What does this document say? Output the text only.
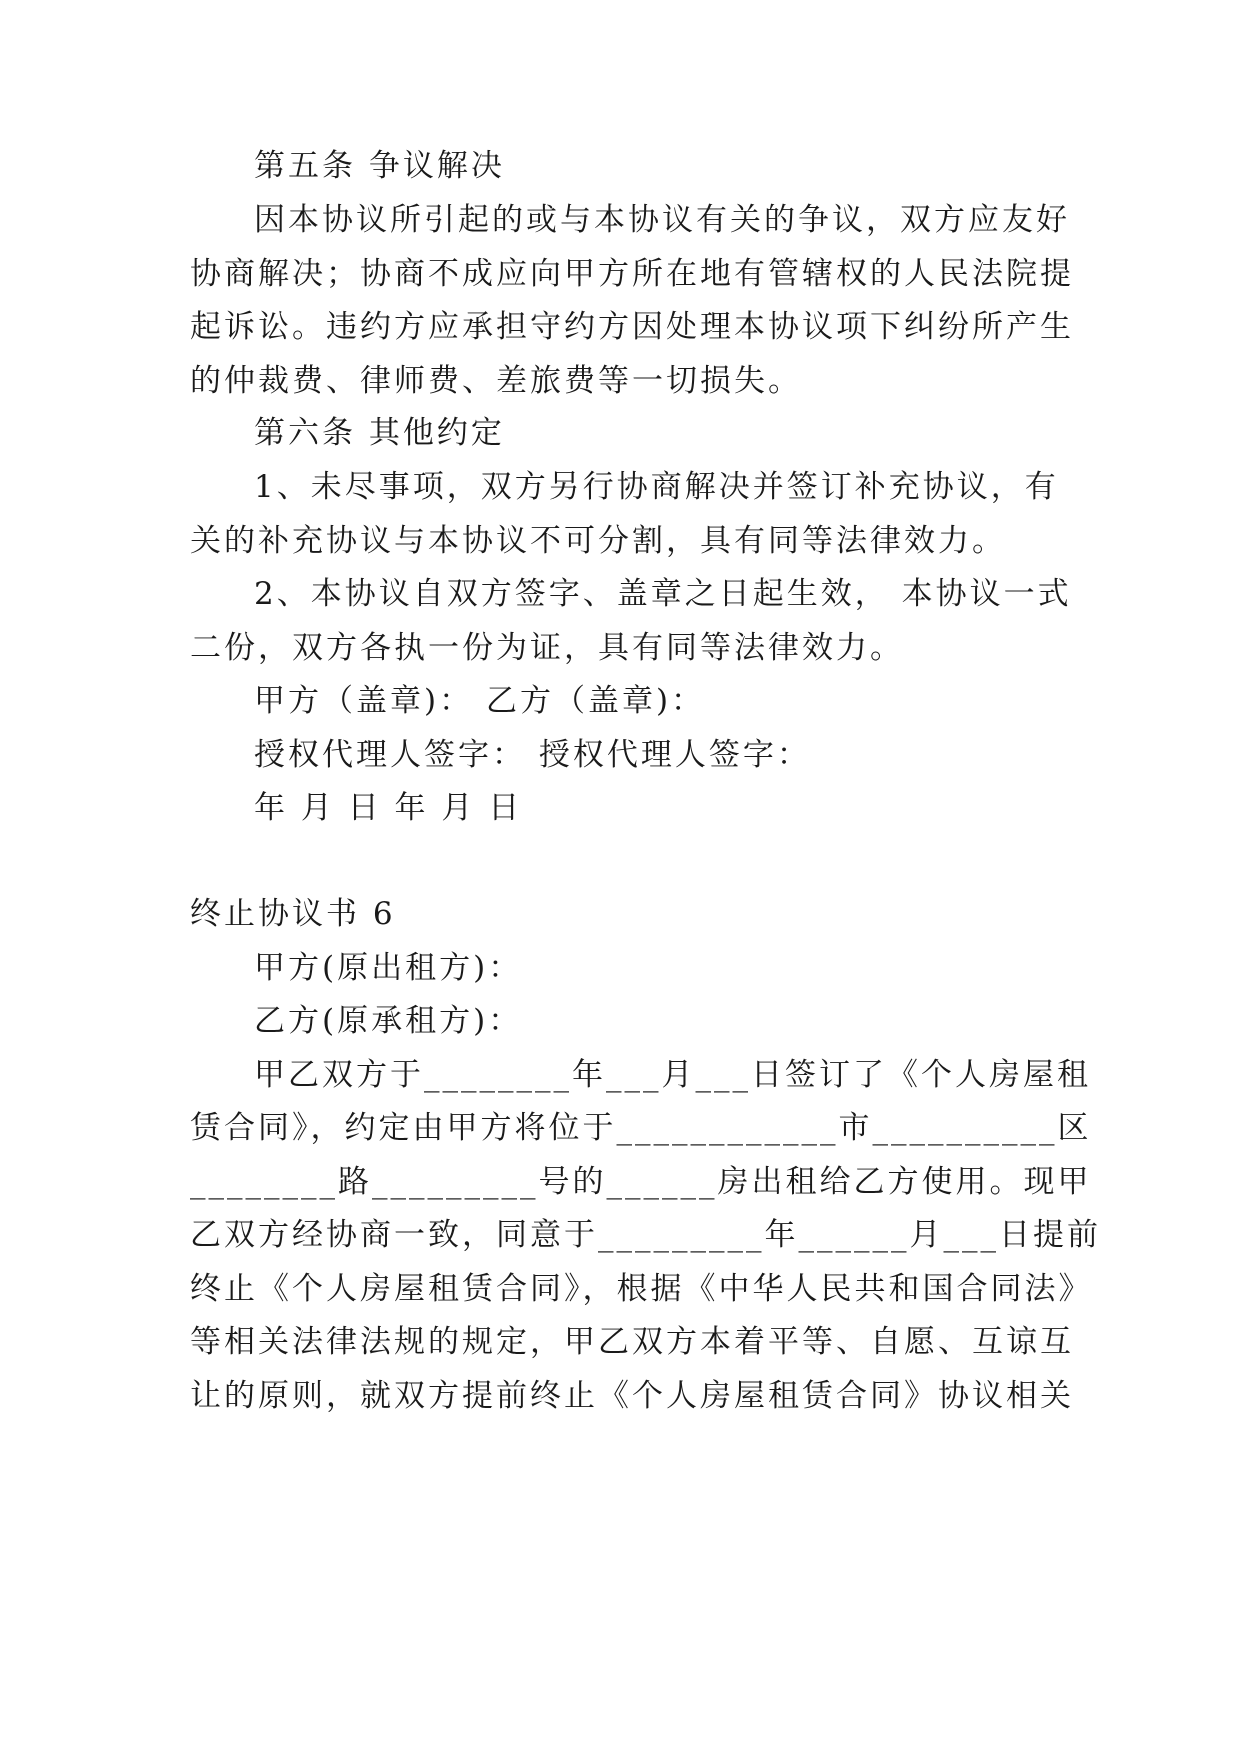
第五条 争议解决
因本协议所引起的或与本协议有关的争议，双方应友好
协商解决；协商不成应向甲方所在地有管辖权的人民法院提
起诉讼。违约方应承担守约方因处理本协议项下纠纷所产生
的仲裁费、律师费、差旅费等一切损失。
第六条 其他约定
1、未尽事项，双方另行协商解决并签订补充协议，有
关的补充协议与本协议不可分割，具有同等法律效力。
2、本协议自双方签字、盖章之日起生效， 本协议一式
二份，双方各执一份为证，具有同等法律效力。
甲方（盖章)： 乙方（盖章)：
授权代理人签字： 授权代理人签字：
年 月 日 年 月 日
终止协议书 6
甲方(原出租方)：
乙方(原承租方)：
甲乙双方于________年___月___日签订了《个人房屋租
赁合同》，约定由甲方将位于____________市__________区
________路_________号的______房出租给乙方使用。现甲
乙双方经协商一致，同意于_________年______月___日提前
终止《个人房屋租赁合同》，根据《中华人民共和国合同法》
等相关法律法规的规定，甲乙双方本着平等、自愿、互谅互
让的原则，就双方提前终止《个人房屋租赁合同》协议相关
